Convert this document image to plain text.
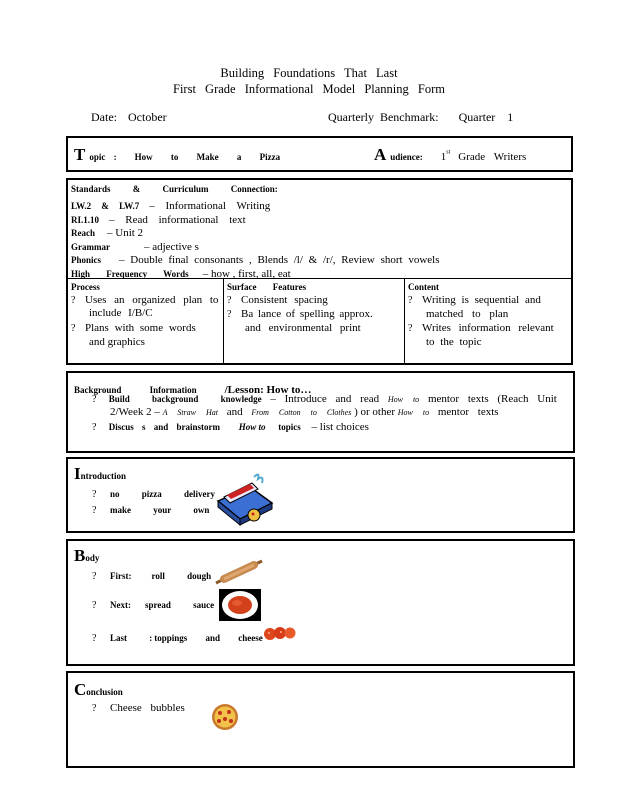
Building Foundations That Last
First Grade Informational Model Planning Form
Date: October	Quarterly Benchmark: Quarter 1
T opic : How to Make a Pizza	A udience: 1st Grade Writers
Standards & Curriculum Connection:
LW.2 & LW.7 – Informational Writing
RI.1.10 – Read informational text
Reach – Unit 2
Grammar	– adjective s
Phonics – Double final consonants , Blends /l/ & /r/, Review short vowels
High Frequency Words – how , first, all, eat
Process
? Uses an organized plan to
include I/B/C
? Plans with some words
and graphics
Surface Features
? Consistent spacing
? Ba lance of spelling approx.
and environmental print
Content
? Writing is sequential and
matched to plan
? Writes information relevant
to the topic
Background Information	/Lesson: How to…
? Build background knowledge – Introduce and read How to mentor texts (Reach Unit
2/Week 2 – A Straw Hat and From Cotton to Clothes ) or other How to mentor texts
? Discus s and brainstorm How to topics – list choices
Introduction
? no pizza delivery
? make your own
Body
? First: roll dough
? Next: spread sauce
? Last : toppings and cheese
Conclusion
? Cheese bubbles
